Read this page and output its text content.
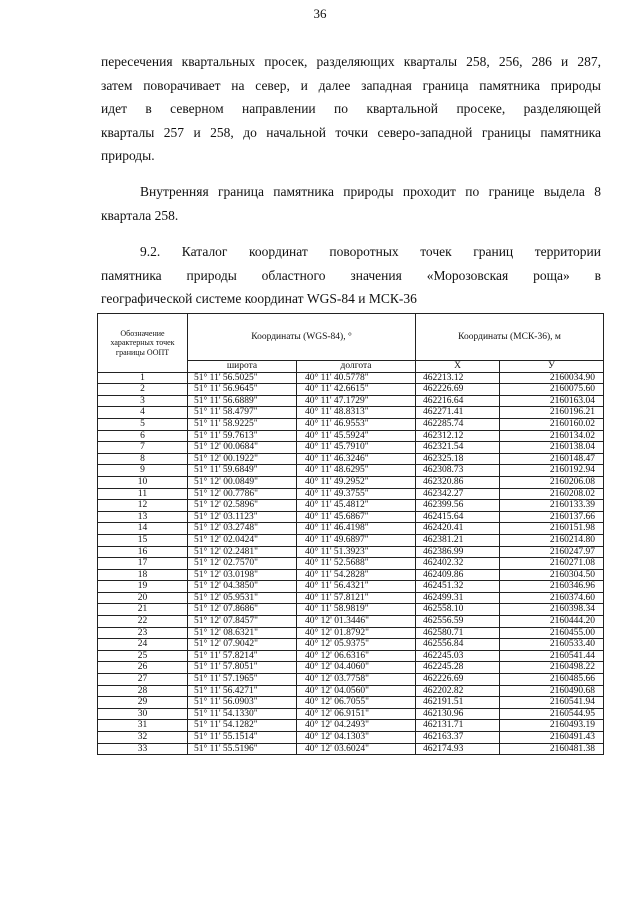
36
пересечения квартальных просек, разделяющих кварталы 258, 256, 286 и 287,
затем поворачивает на север, и далее западная граница памятника природы
идет в северном направлении по квартальной просеке, разделяющей
кварталы 257 и 258, до начальной точки северо-западной границы памятника
природы.
Внутренняя граница памятника природы проходит по границе выдела 8
квартала 258.
9.2. Каталог координат поворотных точек границ территории
памятника природы областного значения «Морозовская роща» в
географической системе координат WGS-84 и МСК-36
Обозначение характерных точек границы ООПТ	Координаты (WGS-84), °		Координаты (МСК-36), м	
	широта	долгота	X	У
1	51° 11' 56.5025"	40° 11' 40.5778"	462213.12	2160034.90
2	51° 11' 56.9645"	40° 11' 42.6615"	462226.69	2160075.60
3	51° 11' 56.6889"	40° 11' 47.1729"	462216.64	2160163.04
4	51° 11' 58.4797"	40° 11' 48.8313"	462271.41	2160196.21
5	51° 11' 58.9225"	40° 11' 46.9553"	462285.74	2160160.02
6	51° 11' 59.7613"	40° 11' 45.5924"	462312.12	2160134.02
7	51° 12' 00.0684"	40° 11' 45.7910"	462321.54	2160138.04
8	51° 12' 00.1922"	40° 11' 46.3246"	462325.18	2160148.47
9	51° 11' 59.6849"	40° 11' 48.6295"	462308.73	2160192.94
10	51° 12' 00.0849"	40° 11' 49.2952"	462320.86	2160206.08
11	51° 12' 00.7786"	40° 11' 49.3755"	462342.27	2160208.02
12	51° 12' 02.5896"	40° 11' 45.4812"	462399.56	2160133.39
13	51° 12' 03.1123"	40° 11' 45.6867"	462415.64	2160137.66
14	51° 12' 03.2748"	40° 11' 46.4198"	462420.41	2160151.98
15	51° 12' 02.0424"	40° 11' 49.6897"	462381.21	2160214.80
16	51° 12' 02.2481"	40° 11' 51.3923"	462386.99	2160247.97
17	51° 12' 02.7570"	40° 11' 52.5688"	462402.32	2160271.08
18	51° 12' 03.0198"	40° 11' 54.2828"	462409.86	2160304.50
19	51° 12' 04.3850"	40° 11' 56.4321"	462451.32	2160346.96
20	51° 12' 05.9531"	40° 11' 57.8121"	462499.31	2160374.60
21	51° 12' 07.8686"	40° 11' 58.9819"	462558.10	2160398.34
22	51° 12' 07.8457"	40° 12' 01.3446"	462556.59	2160444.20
23	51° 12' 08.6321"	40° 12' 01.8792"	462580.71	2160455.00
24	51° 12' 07.9042"	40° 12' 05.9375"	462556.84	2160533.40
25	51° 11' 57.8214"	40° 12' 06.6316"	462245.03	2160541.44
26	51° 11' 57.8051"	40° 12' 04.4060"	462245.28	2160498.22
27	51° 11' 57.1965"	40° 12' 03.7758"	462226.69	2160485.66
28	51° 11' 56.4271"	40° 12' 04.0560"	462202.82	2160490.68
29	51° 11' 56.0903"	40° 12' 06.7055"	462191.51	2160541.94
30	51° 11' 54.1330"	40° 12' 06.9151"	462130.96	2160544.95
31	51° 11' 54.1282"	40° 12' 04.2493"	462131.71	2160493.19
32	51° 11' 55.1514"	40° 12' 04.1303"	462163.37	2160491.43
33	51° 11' 55.5196"	40° 12' 03.6024"	462174.93	2160481.38
